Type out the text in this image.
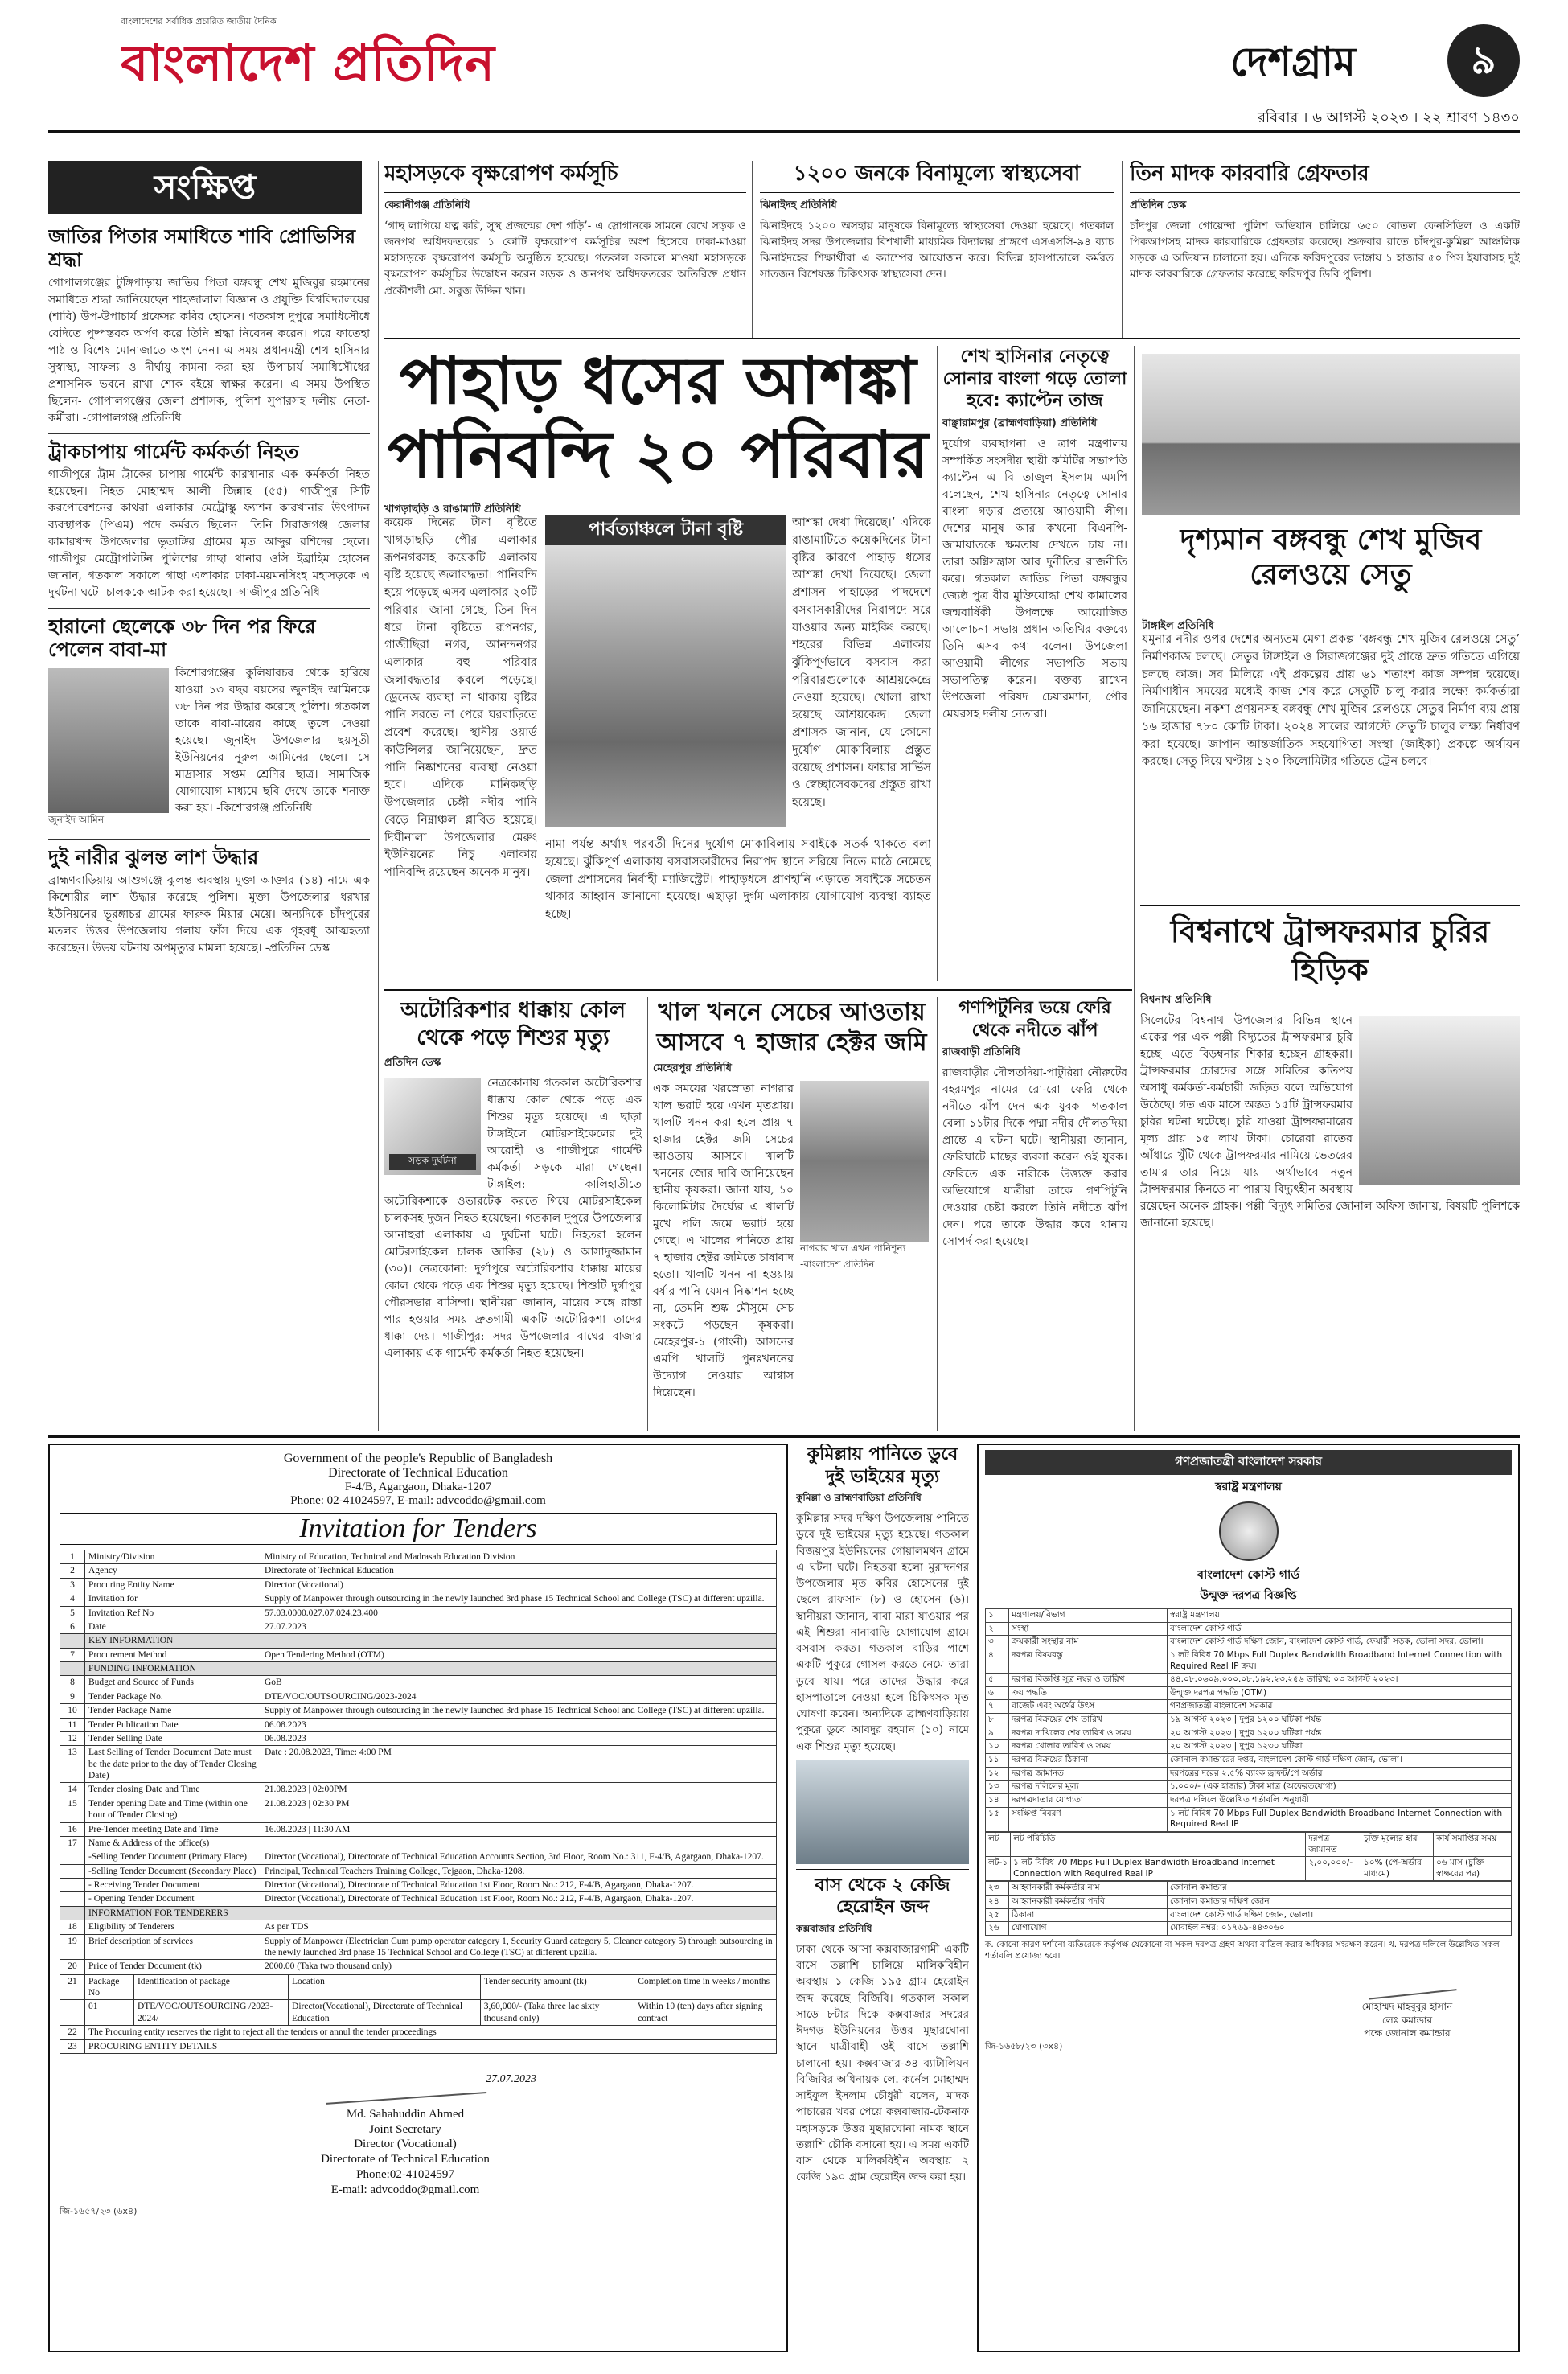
বাংলাদেশের সর্বাধিক প্রচারিত জাতীয় দৈনিক
বাংলাদেশ প্রতিদিন	দেশগ্রাম	৯
রবিবার । ৬ আগস্ট ২০২৩ । ২২ শ্রাবণ ১৪৩০
সংক্ষিপ্ত
জাতির পিতার সমাধিতে শাবি প্রোভিসির শ্রদ্ধা
গোপালগঞ্জের টুঙ্গিপাড়ায় জাতির পিতা বঙ্গবন্ধু শেখ মুজিবুর রহমানের সমাধিতে শ্রদ্ধা জানিয়েছেন শাহজালাল বিজ্ঞান ও প্রযুক্তি বিশ্ববিদ্যালয়ের (শাবি) উপ-উপাচার্য প্রফেসর কবির হোসেন। গতকাল দুপুরে সমাধিসৌধে বেদিতে পুষ্পস্তবক অর্পণ করে তিনি শ্রদ্ধা নিবেদন করেন। পরে ফাতেহা পাঠ ও বিশেষ মোনাজাতে অংশ নেন। এ সময় প্রধানমন্ত্রী শেখ হাসিনার সুস্বাস্থ্য, সাফল্য ও দীর্ঘায়ু কামনা করা হয়। উপাচার্য সমাধিসৌধের প্রশাসনিক ভবনে রাখা শোক বইয়ে স্বাক্ষর করেন। এ সময় উপস্থিত ছিলেন- গোপালগঞ্জের জেলা প্রশাসক, পুলিশ সুপারসহ দলীয় নেতা-কর্মীরা। -গোপালগঞ্জ প্রতিনিধি
ট্রাকচাপায় গার্মেন্ট কর্মকর্তা নিহত
গাজীপুরে ট্রাম ট্রাকের চাপায় গার্মেন্ট কারখানার এক কর্মকর্তা নিহত হয়েছেন। নিহত মোহাম্মদ আলী জিন্নাহ (৫৫) গাজীপুর সিটি করপোরেশনের কাথরা এলাকার মেট্রোস্কু ফ্যাশন কারখানার উৎপাদন ব্যবস্থাপক (পিএম) পদে কর্মরত ছিলেন। তিনি সিরাজগঞ্জ জেলার কামারখন্দ উপজেলার ভূতাঙ্গির গ্রামের মৃত আব্দুর রশিদের ছেলে। গাজীপুর মেট্রোপলিটন পুলিশের গাছা থানার ওসি ইব্রাহিম হোসেন জানান, গতকাল সকালে গাছা এলাকার ঢাকা-ময়মনসিংহ মহাসড়কে এ দুর্ঘটনা ঘটে। চালককে আটক করা হয়েছে। -গাজীপুর প্রতিনিধি
হারানো ছেলেকে ৩৮ দিন পর ফিরে পেলেন বাবা-মা
জুনাইদ আমিন
কিশোরগঞ্জের কুলিয়ারচর থেকে হারিয়ে যাওয়া ১৩ বছর বয়সের জুনাইদ আমিনকে ৩৮ দিন পর উদ্ধার করেছে পুলিশ। গতকাল তাকে বাবা-মায়ের কাছে তুলে দেওয়া হয়েছে। জুনাইদ উপজেলার ছয়সূতী ইউনিয়নের নূরুল আমিনের ছেলে। সে মাদ্রাসার সপ্তম শ্রেণির ছাত্র। সামাজিক যোগাযোগ মাধ্যমে ছবি দেখে তাকে শনাক্ত করা হয়। -কিশোরগঞ্জ প্রতিনিধি
দুই নারীর ঝুলন্ত লাশ উদ্ধার
ব্রাহ্মণবাড়িয়ায় আশুগঞ্জে ঝুলন্ত অবস্থায় মুক্তা আক্তার (১৪) নামে এক কিশোরীর লাশ উদ্ধার করেছে পুলিশ। মুক্তা উপজেলার ধরখার ইউনিয়নের ভূরঙ্গাচর গ্রামের ফারুক মিয়ার মেয়ে। অন্যদিকে চাঁদপুরের মতলব উত্তর উপজেলায় গলায় ফাঁস দিয়ে এক গৃহবধূ আত্মহত্যা করেছেন। উভয় ঘটনায় অপমৃত্যুর মামলা হয়েছে। -প্রতিদিন ডেস্ক
মহাসড়কে বৃক্ষরোপণ কর্মসূচি
কেরানীগঞ্জ প্রতিনিধি
‘গাছ লাগিয়ে যত্ন করি, সুস্থ প্রজন্মের দেশ গড়ি’- এ স্লোগানকে সামনে রেখে সড়ক ও জনপথ অধিদফতরের ১ কোটি বৃক্ষরোপণ কর্মসূচির অংশ হিসেবে ঢাকা-মাওয়া মহাসড়কে বৃক্ষরোপণ কর্মসূচি অনুষ্ঠিত হয়েছে। গতকাল সকালে মাওয়া মহাসড়কে বৃক্ষরোপণ কর্মসূচির উদ্বোধন করেন সড়ক ও জনপথ অধিদফতরের অতিরিক্ত প্রধান প্রকৌশলী মো. সবুজ উদ্দিন খান।
১২০০ জনকে বিনামূল্যে স্বাস্থ্যসেবা
ঝিনাইদহ প্রতিনিধি
ঝিনাইদহে ১২০০ অসহায় মানুষকে বিনামূল্যে স্বাস্থ্যসেবা দেওয়া হয়েছে। গতকাল ঝিনাইদহ সদর উপজেলার বিশখালী মাধ্যমিক বিদ্যালয় প্রাঙ্গণে এসএসসি-৯৪ ব্যাচ ঝিনাইদহের শিক্ষার্থীরা এ ক্যাম্পের আয়োজন করে। বিভিন্ন হাসপাতালে কর্মরত সাতজন বিশেষজ্ঞ চিকিৎসক স্বাস্থ্যসেবা দেন।
তিন মাদক কারবারি গ্রেফতার
প্রতিদিন ডেস্ক
চাঁদপুর জেলা গোয়েন্দা পুলিশ অভিযান চালিয়ে ৬৫০ বোতল ফেনসিডিল ও একটি পিকআপসহ মাদক কারবারিকে গ্রেফতার করেছে। শুক্রবার রাতে চাঁদপুর-কুমিল্লা আঞ্চলিক সড়কে এ অভিযান চালানো হয়। এদিকে ফরিদপুরের ভাঙ্গায় ১ হাজার ৫০ পিস ইয়াবাসহ দুই মাদক কারবারিকে গ্রেফতার করেছে ফরিদপুর ডিবি পুলিশ।
পাহাড় ধসের আশঙ্কা পানিবন্দি ২০ পরিবার
খাগড়াছড়ি ও রাঙামাটি প্রতিনিধি
কয়েক দিনের টানা বৃষ্টিতে খাগড়াছড়ি পৌর এলাকার রূপনগরসহ কয়েকটি এলাকায় বৃষ্টি হয়েছে জলাবদ্ধতা। পানিবন্দি হয়ে পড়েছে এসব এলাকার ২০টি পরিবার। জানা গেছে, তিন দিন ধরে টানা বৃষ্টিতে রূপনগর, গাজীছিরা নগর, আনন্দনগর এলাকার বহু পরিবার জলাবদ্ধতার কবলে পড়েছে। ড্রেনেজ ব্যবস্থা না থাকায় বৃষ্টির পানি সরতে না পেরে ঘরবাড়িতে প্রবেশ করেছে। স্থানীয় ওয়ার্ড কাউন্সিলর জানিয়েছেন, দ্রুত পানি নিষ্কাশনের ব্যবস্থা নেওয়া হবে। এদিকে মানিকছড়ি উপজেলার চেঙ্গী নদীর পানি বেড়ে নিম্নাঞ্চল প্লাবিত হয়েছে। দিঘীনালা উপজেলার মেরুং ইউনিয়নের নিচু এলাকায় পানিবন্দি রয়েছেন অনেক মানুষ।
পার্বত্যাঞ্চলে টানা বৃষ্টি
নামা পর্যন্ত অর্থাৎ পরবর্তী দিনের দুর্যোগ মোকাবিলায় সবাইকে সতর্ক থাকতে বলা হয়েছে। ঝুঁকিপূর্ণ এলাকায় বসবাসকারীদের নিরাপদ স্থানে সরিয়ে নিতে মাঠে নেমেছে জেলা প্রশাসনের নির্বাহী ম্যাজিস্ট্রেট। পাহাড়ধসে প্রাণহানি এড়াতে সবাইকে সচেতন থাকার আহ্বান জানানো হয়েছে। এছাড়া দুর্গম এলাকায় যোগাযোগ ব্যবস্থা ব্যাহত হচ্ছে।
শেখ হাসিনার নেতৃত্বে সোনার বাংলা গড়ে তোলা হবে: ক্যাপ্টেন তাজ
বাঞ্ছারামপুর (ব্রাহ্মণবাড়িয়া) প্রতিনিধি
দুর্যোগ ব্যবস্থাপনা ও ত্রাণ মন্ত্রণালয় সম্পর্কিত সংসদীয় স্থায়ী কমিটির সভাপতি ক্যাপ্টেন এ বি তাজুল ইসলাম এমপি বলেছেন, শেখ হাসিনার নেতৃত্বে সোনার বাংলা গড়ার প্রত্যয়ে আওয়ামী লীগ। দেশের মানুষ আর কখনো বিএনপি-জামায়াতকে ক্ষমতায় দেখতে চায় না। তারা অগ্নিসন্ত্রাস আর দুর্নীতির রাজনীতি করে। গতকাল জাতির পিতা বঙ্গবন্ধুর জ্যেষ্ঠ পুত্র বীর মুক্তিযোদ্ধা শেখ কামালের জন্মবার্ষিকী উপলক্ষে আয়োজিত আলোচনা সভায় প্রধান অতিথির বক্তব্যে তিনি এসব কথা বলেন। উপজেলা আওয়ামী লীগের সভাপতি সভায় সভাপতিত্ব করেন। বক্তব্য রাখেন উপজেলা পরিষদ চেয়ারম্যান, পৌর মেয়রসহ দলীয় নেতারা।
দৃশ্যমান বঙ্গবন্ধু শেখ মুজিব রেলওয়ে সেতু
টাঙ্গাইল প্রতিনিধি
যমুনার নদীর ওপর দেশের অন্যতম মেগা প্রকল্প ‘বঙ্গবন্ধু শেখ মুজিব রেলওয়ে সেতু’ নির্মাণকাজ চলছে। সেতুর টাঙ্গাইল ও সিরাজগঞ্জের দুই প্রান্তে দ্রুত গতিতে এগিয়ে চলছে কাজ। সব মিলিয়ে এই প্রকল্পের প্রায় ৬১ শতাংশ কাজ সম্পন্ন হয়েছে। নির্মাণাধীন সময়ের মধ্যেই কাজ শেষ করে সেতুটি চালু করার লক্ষ্যে কর্মকর্তারা জানিয়েছেন। নকশা প্রণয়নসহ বঙ্গবন্ধু শেখ মুজিব রেলওয়ে সেতুর নির্মাণ ব্যয় প্রায় ১৬ হাজার ৭৮০ কোটি টাকা। ২০২৪ সালের আগস্টে সেতুটি চালুর লক্ষ্য নির্ধারণ করা হয়েছে। জাপান আন্তর্জাতিক সহযোগিতা সংস্থা (জাইকা) প্রকল্পে অর্থায়ন করছে। সেতু দিয়ে ঘণ্টায় ১২০ কিলোমিটার গতিতে ট্রেন চলবে।
অটোরিকশার ধাক্কায় কোল থেকে পড়ে শিশুর মৃত্যু
প্রতিদিন ডেস্ক
সড়ক দুর্ঘটনা
নেত্রকোনায় গতকাল অটোরিকশার ধাক্কায় কোল থেকে পড়ে এক শিশুর মৃত্যু হয়েছে। এ ছাড়া টাঙ্গাইলে মোটরসাইকেলের দুই আরোহী ও গাজীপুরে গার্মেন্ট কর্মকর্তা সড়কে মারা গেছেন। টাঙ্গাইল: কালিহাতীতে অটোরিকশাকে ওভারটেক করতে গিয়ে মোটরসাইকেল চালকসহ দুজন নিহত হয়েছেন। গতকাল দুপুরে উপজেলার আনাহুরা এলাকায় এ দুর্ঘটনা ঘটে। নিহতরা হলেন মোটরসাইকেল চালক জাকির (২৮) ও আসাদুজ্জামান (৩০)। নেত্রকোনা: দুর্গাপুরে অটোরিকশার ধাক্কায় মায়ের কোল থেকে পড়ে এক শিশুর মৃত্যু হয়েছে। শিশুটি দুর্গাপুর পৌরসভার বাসিন্দা। স্থানীয়রা জানান, মায়ের সঙ্গে রাস্তা পার হওয়ার সময় দ্রুতগামী একটি অটোরিকশা তাদের ধাক্কা দেয়। গাজীপুর: সদর উপজেলার বাঘের বাজার এলাকায় এক গার্মেন্ট কর্মকর্তা নিহত হয়েছেন।
খাল খননে সেচের আওতায় আসবে ৭ হাজার হেক্টর জমি
মেহেরপুর প্রতিনিধি
এক সময়ের খরস্রোতা নাগরার খাল ভরাট হয়ে এখন মৃতপ্রায়। খালটি খনন করা হলে প্রায় ৭ হাজার হেক্টর জমি সেচের আওতায় আসবে। খালটি খননের জোর দাবি জানিয়েছেন স্থানীয় কৃষকরা। জানা যায়, ১০ কিলোমিটার দৈর্ঘ্যের এ খালটি মুখে পলি জমে ভরাট হয়ে গেছে। এ খালের পানিতে প্রায় ৭ হাজার হেক্টর জমিতে চাষাবাদ হতো। খালটি খনন না হওয়ায় বর্ষার পানি যেমন নিষ্কাশন হচ্ছে না, তেমনি শুষ্ক মৌসুমে সেচ সংকটে পড়ছেন কৃষকরা। মেহেরপুর-১ (গাংনী) আসনের এমপি খালটি পুনঃখননের উদ্যোগ নেওয়ার আশ্বাস দিয়েছেন।
নাগরার খাল এখন পানিশূন্য -বাংলাদেশ প্রতিদিন
গণপিটুনির ভয়ে ফেরি থেকে নদীতে ঝাঁপ
রাজবাড়ী প্রতিনিধি
রাজবাড়ীর দৌলতদিয়া-পাটুরিয়া নৌরুটের বহরমপুর নামের রো-রো ফেরি থেকে নদীতে ঝাঁপ দেন এক যুবক। গতকাল বেলা ১১টার দিকে পদ্মা নদীর দৌলতদিয়া প্রান্তে এ ঘটনা ঘটে। স্থানীয়রা জানান, ফেরিঘাটে মাছের ব্যবসা করেন ওই যুবক। ফেরিতে এক নারীকে উত্ত্যক্ত করার অভিযোগে যাত্রীরা তাকে গণপিটুনি দেওয়ার চেষ্টা করলে তিনি নদীতে ঝাঁপ দেন। পরে তাকে উদ্ধার করে থানায় সোপর্দ করা হয়েছে।
বিশ্বনাথে ট্রান্সফরমার চুরির হিড়িক
বিশ্বনাথ প্রতিনিধি
সিলেটের বিশ্বনাথ উপজেলার বিভিন্ন স্থানে একের পর এক পল্লী বিদ্যুতের ট্রান্সফরমার চুরি হচ্ছে। এতে বিড়ম্বনার শিকার হচ্ছেন গ্রাহকরা। ট্রান্সফরমার চোরদের সঙ্গে সমিতির কতিপয় অসাধু কর্মকর্তা-কর্মচারী জড়িত বলে অভিযোগ উঠেছে। গত এক মাসে অন্তত ১৫টি ট্রান্সফরমার চুরির ঘটনা ঘটেছে। চুরি যাওয়া ট্রান্সফরমারের মূল্য প্রায় ১৫ লাখ টাকা। চোরেরা রাতের আঁধারে খুঁটি থেকে ট্রান্সফরমার নামিয়ে ভেতরের তামার তার নিয়ে যায়। অর্থাভাবে নতুন ট্রান্সফরমার কিনতে না পারায় বিদ্যুৎহীন অবস্থায় রয়েছেন অনেক গ্রাহক। পল্লী বিদ্যুৎ সমিতির জোনাল অফিস জানায়, বিষয়টি পুলিশকে জানানো হয়েছে।
Government of the people's Republic of Bangladesh
Directorate of Technical Education
F-4/B, Agargaon, Dhaka-1207
Phone: 02-41024597, E-mail: advcoddo@gmail.com
Invitation for Tenders
1	Ministry/Division	Ministry of Education, Technical and Madrasah Education Division
2	Agency	Directorate of Technical Education
3	Procuring Entity Name	Director (Vocational)
4	Invitation for	Supply of Manpower through outsourcing in the newly launched 3rd phase 15 Technical School and College (TSC) at different upzilla.
5	Invitation Ref No	57.03.0000.027.07.024.23.400
6	Date	27.07.2023
	KEY INFORMATION	
7	Procurement Method	Open Tendering Method (OTM)
	FUNDING INFORMATION	
8	Budget and Source of Funds	GoB
9	Tender Package No.	DTE/VOC/OUTSOURCING/2023-2024
10	Tender Package Name	Supply of Manpower through outsourcing in the newly launched 3rd phase 15 Technical School and College (TSC) at different upzilla.
11	Tender Publication Date	06.08.2023
12	Tender Selling Date	06.08.2023
13	Last Selling of Tender Document Date must be the date prior to the day of Tender Closing Date)	Date : 20.08.2023, Time: 4:00 PM
14	Tender closing Date and Time	21.08.2023 | 02:00PM
15	Tender opening Date and Time (within one hour of Tender Closing)	21.08.2023 | 02:30 PM
16	Pre-Tender meeting Date and Time	16.08.2023 | 11:30 AM
17	Name & Address of the office(s)	
	-Selling Tender Document (Primary Place)	Director (Vocational), Directorate of Technical Education Accounts Section, 3rd Floor, Room No.: 311, F-4/B, Agargaon, Dhaka-1207.
	-Selling Tender Document (Secondary Place)	Principal, Technical Teachers Training College, Tejgaon, Dhaka-1208.
	- Receiving Tender Document	Director (Vocational), Directorate of Technical Education 1st Floor, Room No.: 212, F-4/B, Agargaon, Dhaka-1207.
	- Opening Tender Document	Director (Vocational), Directorate of Technical Education 1st Floor, Room No.: 212, F-4/B, Agargaon, Dhaka-1207.
	INFORMATION FOR TENDERERS	
18	Eligibility of Tenderers	As per TDS
19	Brief description of services	Supply of Manpower (Electrician Cum pump operator category 1, Security Guard category 5, Cleaner category 5) through outsourcing in the newly launched 3rd phase 15 Technical School and College (TSC) at different upzilla.
20	Price of Tender Document (tk)	2000.00 (Taka two thousand only)
21	Package No	Identification of package	Location	Tender security amount (tk)	Completion time in weeks / months
	01	DTE/VOC/OUTSOURCING /2023-2024/	Director(Vocational), Directorate of Technical Education	3,60,000/- (Taka three lac sixty thousand only)	Within 10 (ten) days after signing contract
22	The Procuring entity reserves the right to reject all the tenders or annul the tender proceedings				
23	PROCURING ENTITY DETAILS				
27.07.2023
Md. Sahahuddin Ahmed
Joint Secretary
Director (Vocational)
Directorate of Technical Education
Phone:02-41024597
E-mail: advcoddo@gmail.com
জি-১৬৫৭/২৩ (৬x৪)
কুমিল্লায় পানিতে ডুবে দুই ভাইয়ের মৃত্যু
কুমিল্লা ও ব্রাহ্মণবাড়িয়া প্রতিনিধি
কুমিল্লার সদর দক্ষিণ উপজেলায় পানিতে ডুবে দুই ভাইয়ের মৃত্যু হয়েছে। গতকাল বিজয়পুর ইউনিয়নের গোয়ালমথন গ্রামে এ ঘটনা ঘটে। নিহতরা হলো মুরাদনগর উপজেলার মৃত কবির হোসেনের দুই ছেলে রাফসান (৮) ও হোসেন (৬)। স্থানীয়রা জানান, বাবা মারা যাওয়ার পর এই শিশুরা নানাবাড়ি যোগাযোগ গ্রামে বসবাস করত। গতকাল বাড়ির পাশে একটি পুকুরে গোসল করতে নেমে তারা ডুবে যায়। পরে তাদের উদ্ধার করে হাসপাতালে নেওয়া হলে চিকিৎসক মৃত ঘোষণা করেন। অন্যদিকে ব্রাহ্মণবাড়িয়ায় পুকুরে ডুবে আবদুর রহমান (১০) নামে এক শিশুর মৃত্যু হয়েছে।
বাস থেকে ২ কেজি হেরোইন জব্দ
কক্সবাজার প্রতিনিধি
ঢাকা থেকে আসা কক্সবাজারগামী একটি বাসে তল্লাশি চালিয়ে মালিকবিহীন অবস্থায় ১ কেজি ১৯৫ গ্রাম হেরোইন জব্দ করেছে বিজিবি। গতকাল সকাল সাড়ে ৮টার দিকে কক্সবাজার সদরের ঈদগড় ইউনিয়নের উত্তর মুছারঘোনা স্থানে যাত্রীবাহী ওই বাসে তল্লাশি চালানো হয়। কক্সবাজার-৩৪ ব্যাটালিয়ন বিজিবির অধিনায়ক লে. কর্নেল মোহাম্মদ সাইফুল ইসলাম চৌধুরী বলেন, মাদক পাচারের খবর পেয়ে কক্সবাজার-টেকনাফ মহাসড়কে উত্তর মুছারঘোনা নামক স্থানে তল্লাশি চৌকি বসানো হয়। এ সময় একটি বাস থেকে মালিকবিহীন অবস্থায় ২ কেজি ১৯০ গ্রাম হেরোইন জব্দ করা হয়।
গণপ্রজাতন্ত্রী বাংলাদেশ সরকার
স্বরাষ্ট্র মন্ত্রণালয়
বাংলাদেশ কোস্ট গার্ড
উন্মুক্ত দরপত্র বিজ্ঞপ্তি
১	মন্ত্রণালয়/বিভাগ	স্বরাষ্ট্র মন্ত্রণালয়
২	সংস্থা	বাংলাদেশ কোস্ট গার্ড
৩	ক্রয়কারী সংস্থার নাম	বাংলাদেশ কোস্ট গার্ড দক্ষিণ জোন, বাংলাদেশ কোস্ট গার্ড, ফেয়ারী সড়ক, ভোলা সদর, ভোলা।
৪	দরপত্র বিষয়বস্তু	১ লট বিবিধ 70 Mbps Full Duplex Bandwidth Broadband Internet Connection with Required Real IP ক্রয়।
৫	দরপত্র বিজ্ঞপ্তি সূত্র নম্বর ও তারিখ	৪৪.০৮.০৬০৯.০০০.০৮.১৯২.২৩.২৫৬ তারিখ: ০৩ আগস্ট ২০২৩।
৬	ক্রয় পদ্ধতি	উন্মুক্ত দরপত্র পদ্ধতি (OTM)
৭	বাজেট এবং অর্থের উৎস	গণপ্রজাতন্ত্রী বাংলাদেশ সরকার
৮	দরপত্র বিক্রয়ের শেষ তারিখ	১৯ আগস্ট ২০২৩ | দুপুর ১২০০ ঘটিকা পর্যন্ত
৯	দরপত্র দাখিলের শেষ তারিখ ও সময়	২০ আগস্ট ২০২৩ | দুপুর ১২০০ ঘটিকা পর্যন্ত
১০	দরপত্র খোলার তারিখ ও সময়	২০ আগস্ট ২০২৩ | দুপুর ১২৩০ ঘটিকা
১১	দরপত্র বিক্রয়ের ঠিকানা	জোনাল কমান্ডারের দপ্তর, বাংলাদেশ কোস্ট গার্ড দক্ষিণ জোন, ভোলা।
১২	দরপত্র জামানত	দরপত্রের দরের ২.৫% ব্যাংক ড্রাফট/পে অর্ডার
১৩	দরপত্র দলিলের মূল্য	১,০০০/- (এক হাজার) টাকা মাত্র (অফেরতযোগ্য)
১৪	দরপত্রদাতার যোগ্যতা	দরপত্র দলিলে উল্লেখিত শর্তাবলি অনুযায়ী
১৫	সংক্ষিপ্ত বিবরণ	১ লট বিবিধ 70 Mbps Full Duplex Bandwidth Broadband Internet Connection with Required Real IP
লট	লট পরিচিতি	দরপত্র জামানত	চুক্তি মূল্যের হার	কার্য সমাপ্তির সময়
লট-১	১ লট বিবিধ 70 Mbps Full Duplex Bandwidth Broadband Internet Connection with Required Real IP	২,০০,০০০/-	১০% (পে-অর্ডার মাধ্যমে)	০৬ মাস (চুক্তি স্বাক্ষরের পর)
২৩	আহ্বানকারী কর্মকর্তার নাম	জোনাল কমান্ডার
২৪	আহ্বানকারী কর্মকর্তার পদবি	জোনাল কমান্ডার দক্ষিণ জোন
২৫	ঠিকানা	বাংলাদেশ কোস্ট গার্ড দক্ষিণ জোন, ভোলা।
২৬	যোগাযোগ	মোবাইল নম্বর: ০১৭৬৯-৪৪৩০৬০
ক. কোনো কারণ দর্শানো ব্যতিরেকে কর্তৃপক্ষ যেকোনো বা সকল দরপত্র গ্রহণ অথবা বাতিল করার অধিকার সংরক্ষণ করেন। খ. দরপত্র দলিলে উল্লেখিত সকল শর্তাবলি প্রযোজ্য হবে।
মোহাম্মদ মাহবুবুর হাসান
লেঃ কমান্ডার
পক্ষে জোনাল কমান্ডার
জি-১৬৫৮/২৩ (৩x৪)
আশঙ্কা দেখা দিয়েছে।’ এদিকে রাঙামাটিতে কয়েকদিনের টানা বৃষ্টির কারণে পাহাড় ধসের আশঙ্কা দেখা দিয়েছে। জেলা প্রশাসন পাহাড়ের পাদদেশে বসবাসকারীদের নিরাপদে সরে যাওয়ার জন্য মাইকিং করছে। শহরের বিভিন্ন এলাকায় ঝুঁকিপূর্ণভাবে বসবাস করা পরিবারগুলোকে আশ্রয়কেন্দ্রে নেওয়া হয়েছে। খোলা রাখা হয়েছে আশ্রয়কেন্দ্র। জেলা প্রশাসক জানান, যে কোনো দুর্যোগ মোকাবিলায় প্রস্তুত রয়েছে প্রশাসন। ফায়ার সার্ভিস ও স্বেচ্ছাসেবকদের প্রস্তুত রাখা হয়েছে।
